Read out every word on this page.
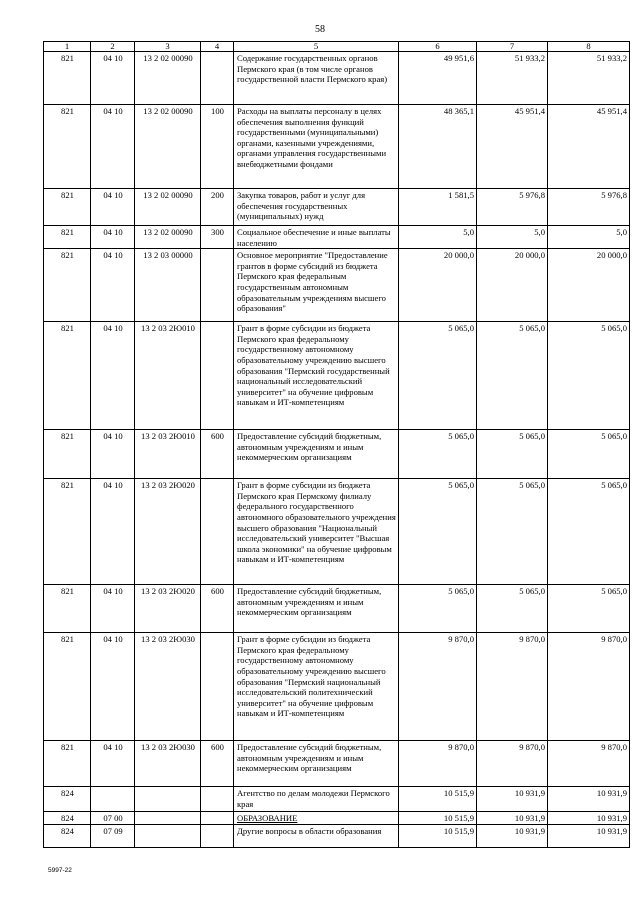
58
1	2	3	4	5	6	7	8
821	04 10	13 2 02 00090		Содержание государственных органов Пермского края (в том числе органов государственной власти Пермского края)	49 951,6	51 933,2	51 933,2
821	04 10	13 2 02 00090	100	Расходы на выплаты персоналу в целях обеспечения выполнения функций государственными (муниципальными) органами, казенными учреждениями, органами управления государственными внебюджетными фондами	48 365,1	45 951,4	45 951,4
821	04 10	13 2 02 00090	200	Закупка товаров, работ и услуг для обеспечения государственных (муниципальных) нужд	1 581,5	5 976,8	5 976,8
821	04 10	13 2 02 00090	300	Социальное обеспечение и иные выплаты населению	5,0	5,0	5,0
821	04 10	13 2 03 00000		Основное мероприятие "Предоставление грантов в форме субсидий из бюджета Пермского края федеральным государственным автономным образовательным учреждениям высшего образования"	20 000,0	20 000,0	20 000,0
821	04 10	13 2 03 2Ю010		Грант в форме субсидии из бюджета Пермского края федеральному государственному автономному образовательному учреждению высшего образования "Пермский государственный национальный исследовательский университет" на обучение цифровым навыкам и ИТ-компетенциям	5 065,0	5 065,0	5 065,0
821	04 10	13 2 03 2Ю010	600	Предоставление субсидий бюджетным, автономным учреждениям и иным некоммерческим организациям	5 065,0	5 065,0	5 065,0
821	04 10	13 2 03 2Ю020		Грант в форме субсидии из бюджета Пермского края Пермскому филиалу федерального государственного автономного образовательного учреждения высшего образования "Национальный исследовательский университет "Высшая школа экономики" на обучение цифровым навыкам и ИТ-компетенциям	5 065,0	5 065,0	5 065,0
821	04 10	13 2 03 2Ю020	600	Предоставление субсидий бюджетным, автономным учреждениям и иным некоммерческим организациям	5 065,0	5 065,0	5 065,0
821	04 10	13 2 03 2Ю030		Грант в форме субсидии из бюджета Пермского края федеральному государственному автономному образовательному учреждению высшего образования "Пермский национальный исследовательский политехнический университет" на обучение цифровым навыкам и ИТ-компетенциям	9 870,0	9 870,0	9 870,0
821	04 10	13 2 03 2Ю030	600	Предоставление субсидий бюджетным, автономным учреждениям и иным некоммерческим организациям	9 870,0	9 870,0	9 870,0
824				Агентство по делам молодежи Пермского края	10 515,9	10 931,9	10 931,9
824	07 00			ОБРАЗОВАНИЕ	10 515,9	10 931,9	10 931,9
824	07 09			Другие вопросы в области образования	10 515,9	10 931,9	10 931,9
5997-22
